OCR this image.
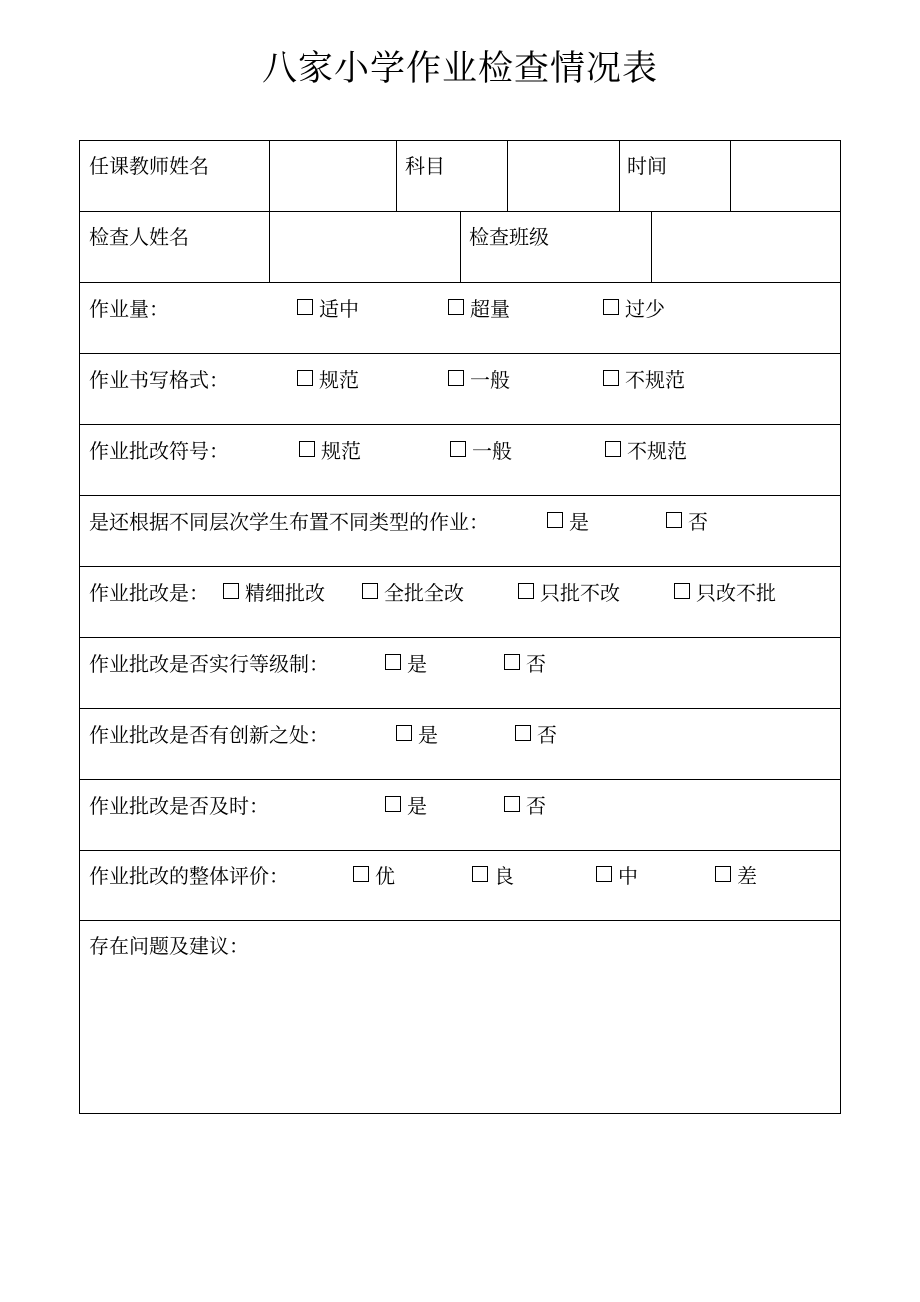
八家小学作业检查情况表
任课教师姓名	科目	时间
检查人姓名	检查班级
作业量：	适中	超量	过少
作业书写格式：	规范	一般	不规范
作业批改符号：	规范	一般	不规范
是还根据不同层次学生布置不同类型的作业：	是	否
作业批改是： 精细批改	全批全改	只批不改	只改不批
作业批改是否实行等级制：	是	否
作业批改是否有创新之处：	是	否
作业批改是否及时：	是	否
作业批改的整体评价：	优	良	中	差
存在问题及建议：
